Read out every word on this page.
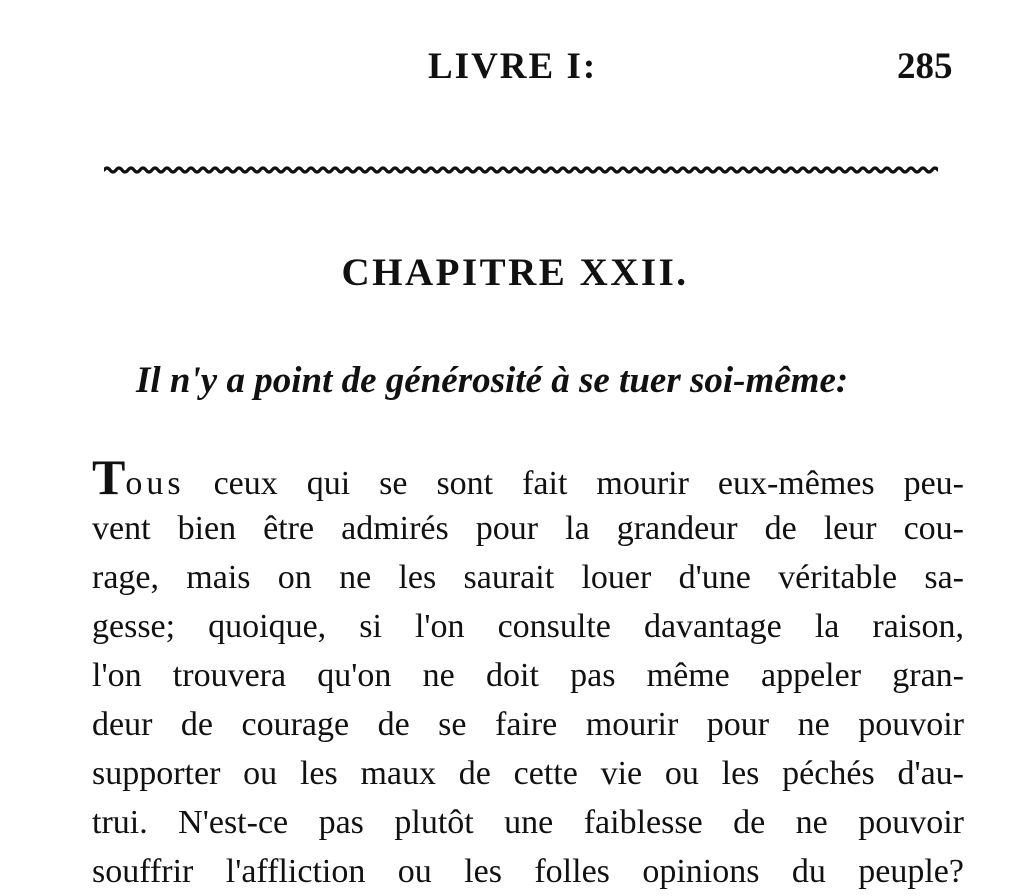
LIVRE I:	285
CHAPITRE XXII.
Il n'y a point de générosité à se tuer soi-même:
Tous ceux qui se sont fait mourir eux-mêmes peu-
vent bien être admirés pour la grandeur de leur cou-
rage, mais on ne les saurait louer d'une véritable sa-
gesse; quoique, si l'on consulte davantage la raison,
l'on trouvera qu'on ne doit pas même appeler gran-
deur de courage de se faire mourir pour ne pouvoir
supporter ou les maux de cette vie ou les péchés d'au-
trui. N'est-ce pas plutôt une faiblesse de ne pouvoir
souffrir l'affliction ou les folles opinions du peuple?
